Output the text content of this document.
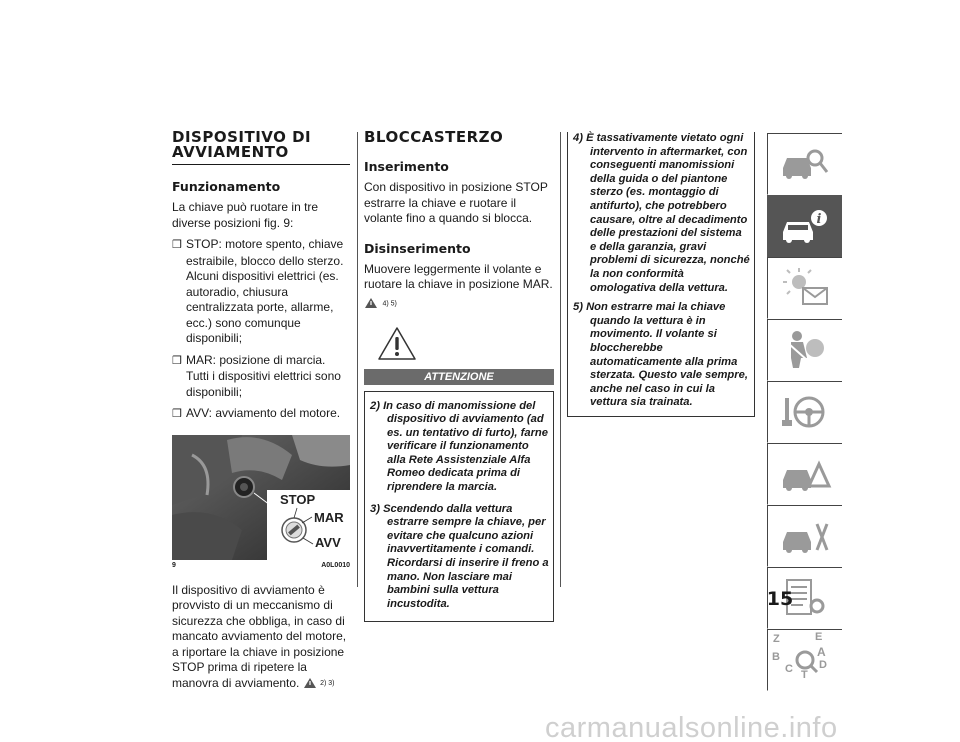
DISPOSITIVO DI AVVIAMENTO
Funzionamento

La chiave può ruotare in tre diverse posizioni fig. 9:

❒ STOP: motore spento, chiave estraibile, blocco dello sterzo. Alcuni dispositivi elettrici (es. autoradio, chiusura centralizzata porte, allarme, ecc.) sono comunque disponibili;
❒ MAR: posizione di marcia. Tutti i dispositivi elettrici sono disponibili;
❒ AVV: avviamento del motore.
STOP
MAR
AVV
9	A0L0010

Il dispositivo di avviamento è provvisto di un meccanismo di sicurezza che obbliga, in caso di mancato avviamento del motore, a riportare la chiave in posizione STOP prima di ripetere la manovra di avviamento.	2) 3)

BLOCCASTERZO
Inserimento

Con dispositivo in posizione STOP estrarre la chiave e ruotare il volante fino a quando si blocca.

Disinserimento

Muovere leggermente il volante e ruotare la chiave in posizione MAR.

4) 5)
ATTENZIONE

2) In caso di manomissione del dispositivo di avviamento (ad es. un tentativo di furto), farne verificare il funzionamento alla Rete Assistenziale Alfa Romeo dedicata prima di riprendere la marcia.

3) Scendendo dalla vettura estrarre sempre la chiave, per evitare che qualcuno azioni inavvertitamente i comandi. Ricordarsi di inserire il freno a mano. Non lasciare mai bambini sulla vettura incustodita.

4) È tassativamente vietato ogni intervento in aftermarket, con conseguenti manomissioni della guida o del piantone sterzo (es. montaggio di antifurto), che potrebbero causare, oltre al decadimento delle prestazioni del sistema e della garanzia, gravi problemi di sicurezza, nonché la non conformità omologativa della vettura.

5) Non estrarre mai la chiave quando la vettura è in movimento. Il volante si bloccherebbe automaticamente alla prima sterzata. Questo vale sempre, anche nel caso in cui la vettura sia trainata.

i
Z	E
A
B
D
C T
15
carmanualsonline.info
